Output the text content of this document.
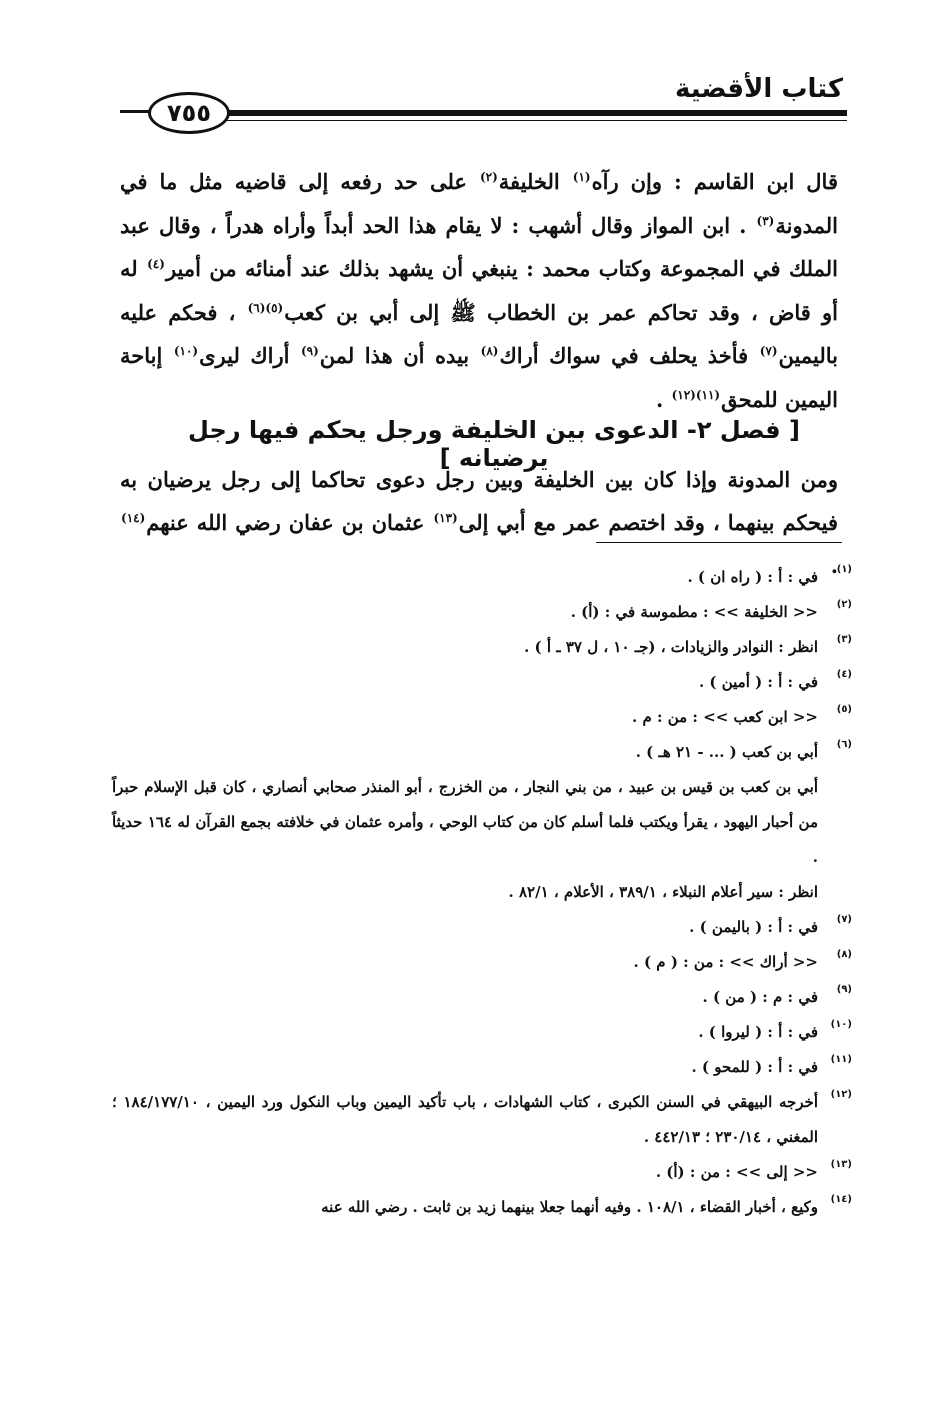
كتاب الأقضية
٧٥٥

قال ابن القاسم : وإن رآه$^{(١)}$ الخليفة$^{(٢)}$ على حد رفعه إلى قاضيه مثل ما في المدونة$^{(٣)}$ . ابن المواز وقال أشهب : لا يقام هذا الحد أبداً وأراه هدراً ، وقال عبد الملك في المجموعة وكتاب محمد : ينبغي أن يشهد بذلك عند أمنائه من أمير$^{(٤)}$ له أو قاض ، وقد تحاكم عمر بن الخطاب ﷺ إلى أبي بن كعب$^{(٥)(٦)}$ ، فحكم عليه باليمين$^{(٧)}$ فأخذ يحلف في سواك أراك$^{(٨)}$ بيده أن هذا لمن$^{(٩)}$ أراك ليرى$^{(١٠)}$ إباحة اليمين للمحق$^{(١١)(١٢)}$ .

[ فصل ٢- الدعوى بين الخليفة ورجل يحكم فيها رجل يرضيانه ]

ومن المدونة وإذا كان بين الخليفة وبين رجل دعوى تحاكما إلى رجل يرضيان به فيحكم بينهما ، وقد اختصم عمر مع أبي إلى$^{(١٣)}$ عثمان بن عفان رضي الله عنهم$^{(١٤)}$ .

(١)
في : أ : ( راه ان ) .
(٢)
<< الخليفة >> : مطموسة في : (أ) .
(٣)
انظر : النوادر والزيادات ، (جـ ١٠ ، ل ٣٧ ـ أ ) .
(٤)
في : أ : ( أمين ) .
(٥)
<< ابن كعب >> : من : م .
(٦)
أبي بن كعب ( ... - ٢١ هـ ) .
أبي بن كعب بن قيس بن عبيد ، من بني النجار ، من الخزرج ، أبو المنذر صحابي أنصاري ، كان قبل الإسلام حبراً من أحبار اليهود ، يقرأ ويكتب فلما أسلم كان من كتاب الوحي ، وأمره عثمان في خلافته بجمع القرآن له ١٦٤ حديثاً .
انظر : سير أعلام النبلاء ، ٣٨٩/١ ، الأعلام ، ٨٢/١ .
(٧)
في : أ : ( باليمن ) .
(٨)
<< أراك >> : من : ( م ) .
(٩)
في : م : ( من ) .
(١٠)
في : أ : ( ليروا ) .
(١١)
في : أ : ( للمحو ) .
(١٢)
أخرجه البيهقي في السنن الكبرى ، كتاب الشهادات ، باب تأكيد اليمين وباب النكول ورد اليمين ، ١٨٤/١٧٧/١٠ ؛ المغني ، ٢٣٠/١٤ ؛ ٤٤٢/١٣ .
(١٣)
<< إلى >> : من : (أ) .
(١٤)
وكيع ، أخبار القضاء ، ١٠٨/١ . وفيه أنهما جعلا بينهما زيد بن ثابت . رضي الله عنه
